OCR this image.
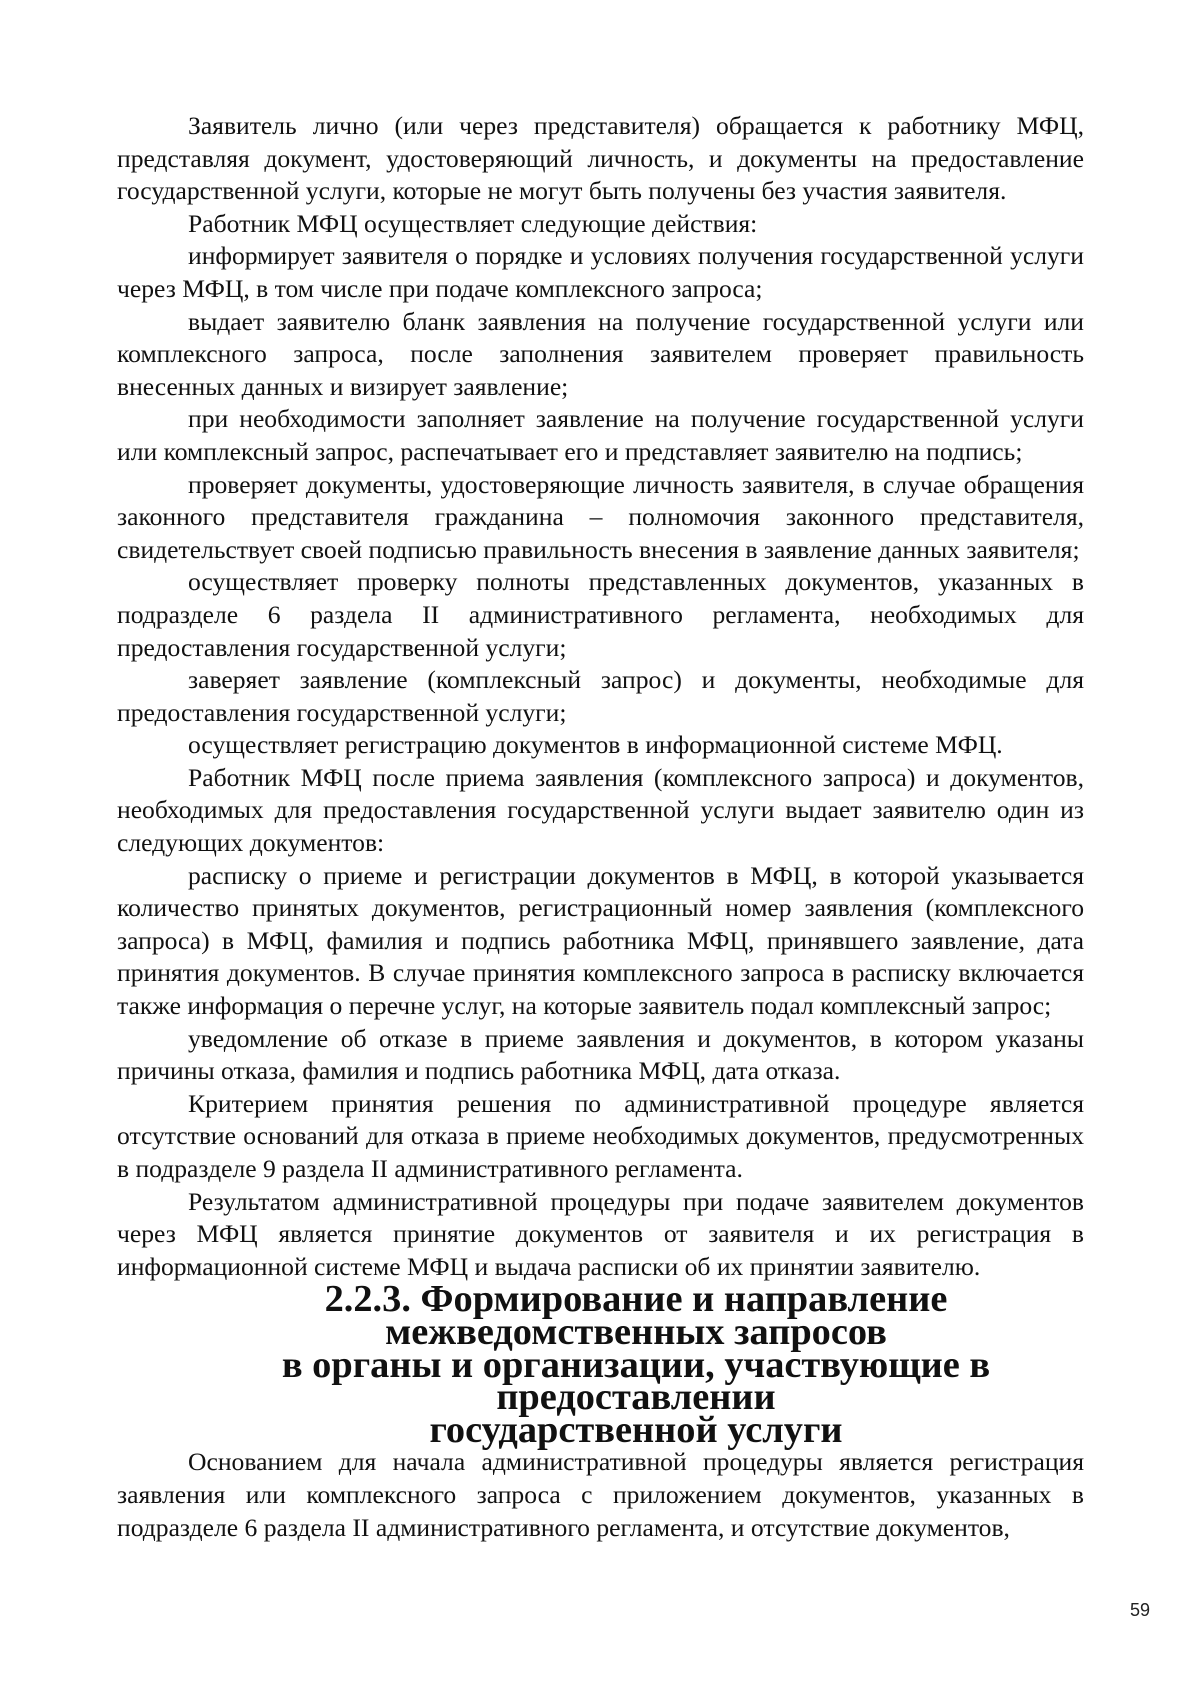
Заявитель лично (или через представителя) обращается к работнику МФЦ, представляя документ, удостоверяющий личность, и документы на предоставление государственной услуги, которые не могут быть получены без участия заявителя.

Работник МФЦ осуществляет следующие действия:

информирует заявителя о порядке и условиях получения государственной услуги через МФЦ, в том числе при подаче комплексного запроса;

выдает заявителю бланк заявления на получение государственной услуги или комплексного запроса, после заполнения заявителем проверяет правильность внесенных данных и визирует заявление;

при необходимости заполняет заявление на получение государственной услуги или комплексный запрос, распечатывает его и представляет заявителю на подпись;

проверяет документы, удостоверяющие личность заявителя, в случае обращения законного представителя гражданина – полномочия законного представителя, свидетельствует своей подписью правильность внесения в заявление данных заявителя;

осуществляет проверку полноты представленных документов, указанных в подразделе 6 раздела II административного регламента, необходимых для предоставления государственной услуги;

заверяет заявление (комплексный запрос) и документы, необходимые для предоставления государственной услуги;

осуществляет регистрацию документов в информационной системе МФЦ.

Работник МФЦ после приема заявления (комплексного запроса) и документов, необходимых для предоставления государственной услуги выдает заявителю один из следующих документов:

расписку о приеме и регистрации документов в МФЦ, в которой указывается количество принятых документов, регистрационный номер заявления (комплексного запроса) в МФЦ, фамилия и подпись работника МФЦ, принявшего заявление, дата принятия документов. В случае принятия комплексного запроса в расписку включается также информация о перечне услуг, на которые заявитель подал комплексный запрос;

уведомление об отказе в приеме заявления и документов, в котором указаны причины отказа, фамилия и подпись работника МФЦ, дата отказа.

Критерием принятия решения по административной процедуре является отсутствие оснований для отказа в приеме необходимых документов, предусмотренных в подразделе 9 раздела II административного регламента.

Результатом административной процедуры при подаче заявителем документов через МФЦ является принятие документов от заявителя и их регистрация в информационной системе МФЦ и выдача расписки об их принятии заявителю.

2.2.3. Формирование и направление межведомственных запросов
в органы и организации, участвующие в предоставлении
государственной услуги

Основанием для начала административной процедуры является регистрация заявления или комплексного запроса с приложением документов, указанных в подразделе 6 раздела II административного регламента, и отсутствие документов,

59
